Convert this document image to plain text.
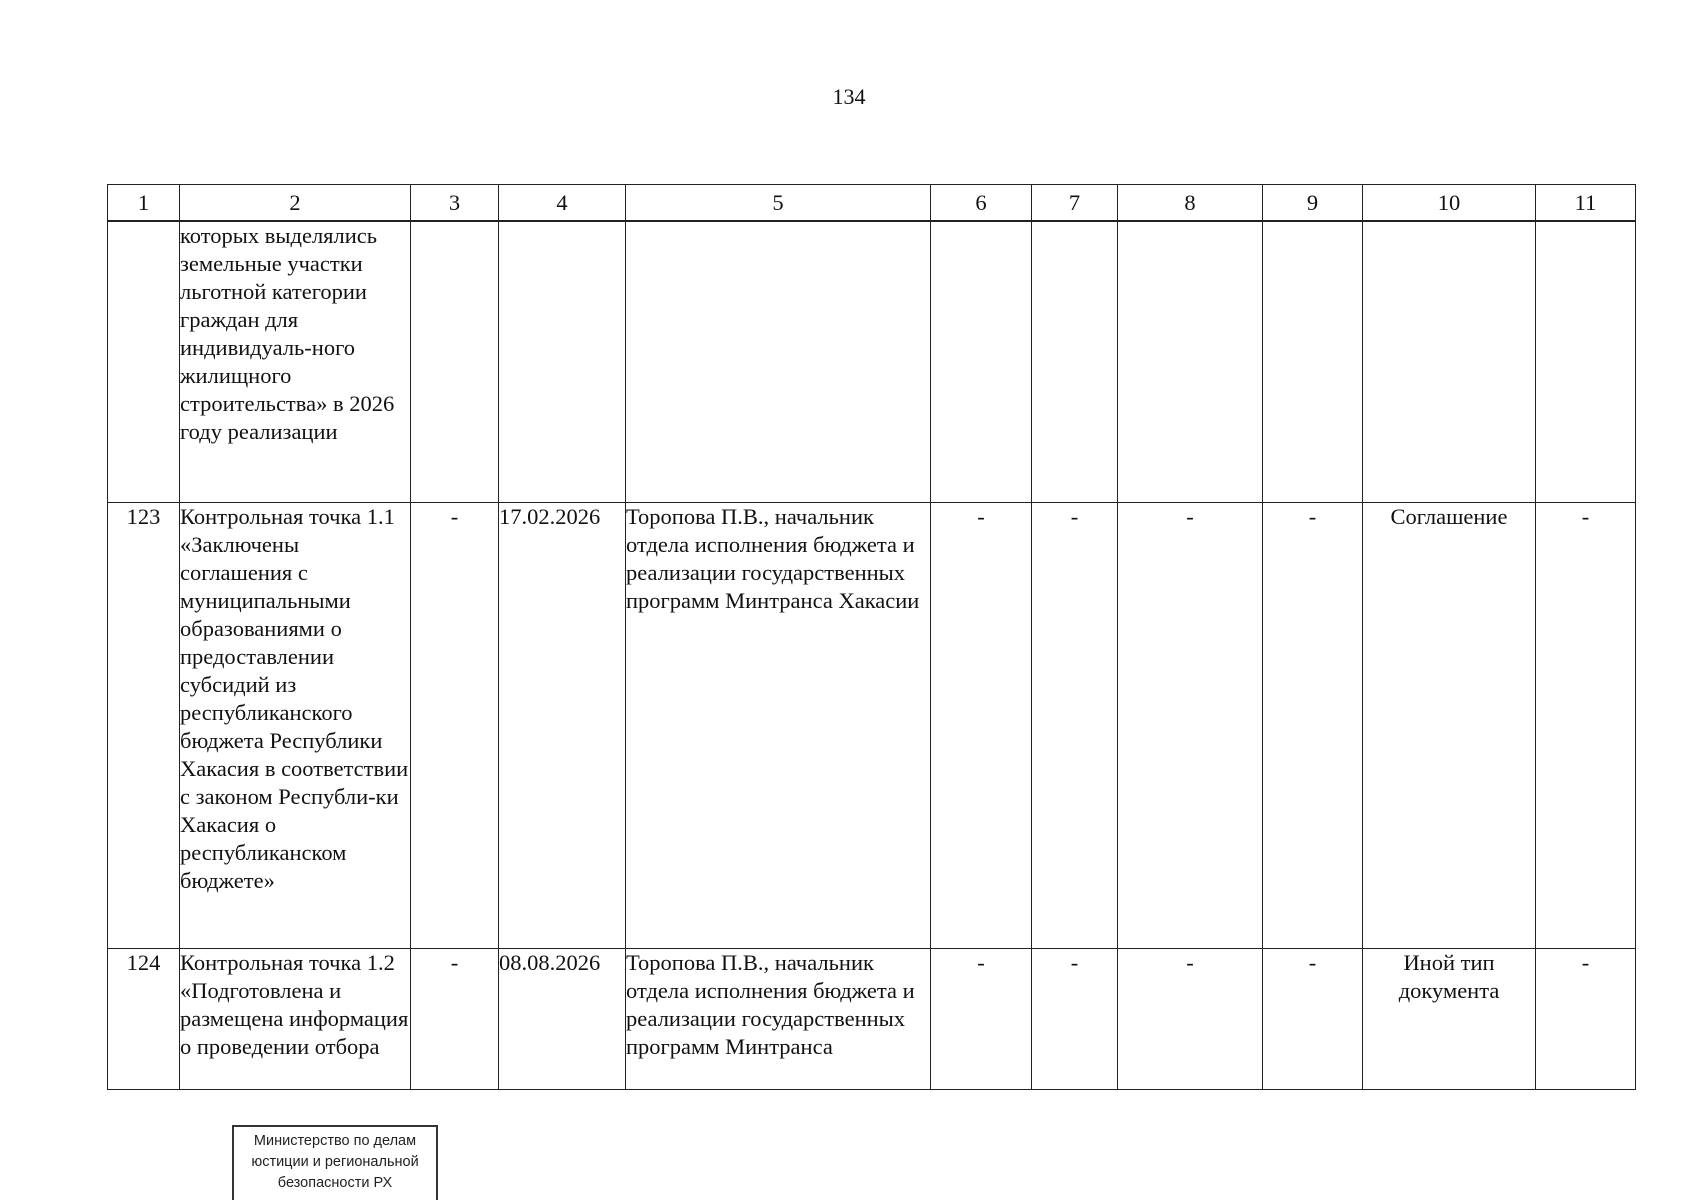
134
1	2	3	4	5	6	7	8	9	10	11
	которых выделялись земельные участки льготной категории граждан для индивидуаль-ного жилищного строительства» в 2026 году реализации									
123	Контрольная точка 1.1 «Заключены соглашения с муниципальными образованиями о предоставлении субсидий из республиканского бюджета Республики Хакасия в соответствии с законом Республи-ки Хакасия о республиканском бюджете»	-	17.02.2026	Торопова П.В., начальник отдела исполнения бюджета и реализации государственных программ Минтранса Хакасии	-	-	-	-	Соглашение	-
124	Контрольная точка 1.2 «Подготовлена и размещена информация о проведении отбора	-	08.08.2026	Торопова П.В., начальник отдела исполнения бюджета и реализации государственных программ Минтранса	-	-	-	-	Иной тип документа	-
Министерство по делам
юстиции и региональной
безопасности РХ
